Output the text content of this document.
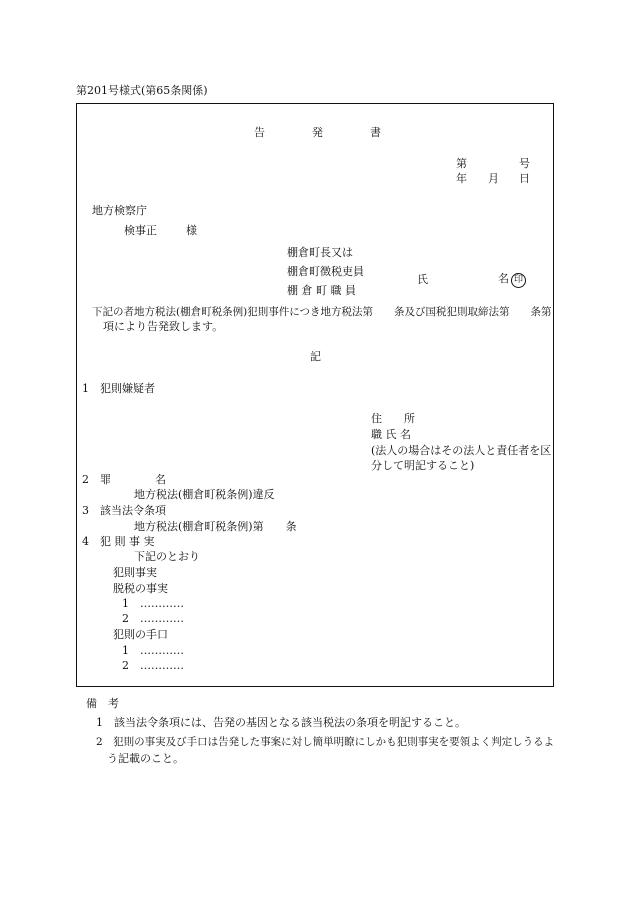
第201号様式(第65条関係)
告	発	書
第	号
年 月 日
地方検察庁
検事正	様
棚倉町長又は
棚倉町徴税吏員
棚 倉 町 職 員
氏	名 印
下記の者地方税法(棚倉町税条例)犯則事件につき地方税法第　　条及び国税犯則取締法第　　条第
項により告発致します。
記
1　犯則嫌疑者
住　　所
職 氏 名
(法人の場合はその法人と責任者を区
分して明記すること)
2　罪　　　　名
地方税法(棚倉町税条例)違反
3　該当法令条項
地方税法(棚倉町税条例)第　　条
4　犯 則 事 実
下記のとおり
犯則事実
脱税の事実
1　…………
2　…………
犯則の手口
1　…………
2　…………
備　考
1　該当法令条項には、告発の基因となる該当税法の条項を明記すること。
2　犯則の事実及び手口は告発した事案に対し簡単明瞭にしかも犯則事実を要領よく判定しうるよ
う記載のこと。
